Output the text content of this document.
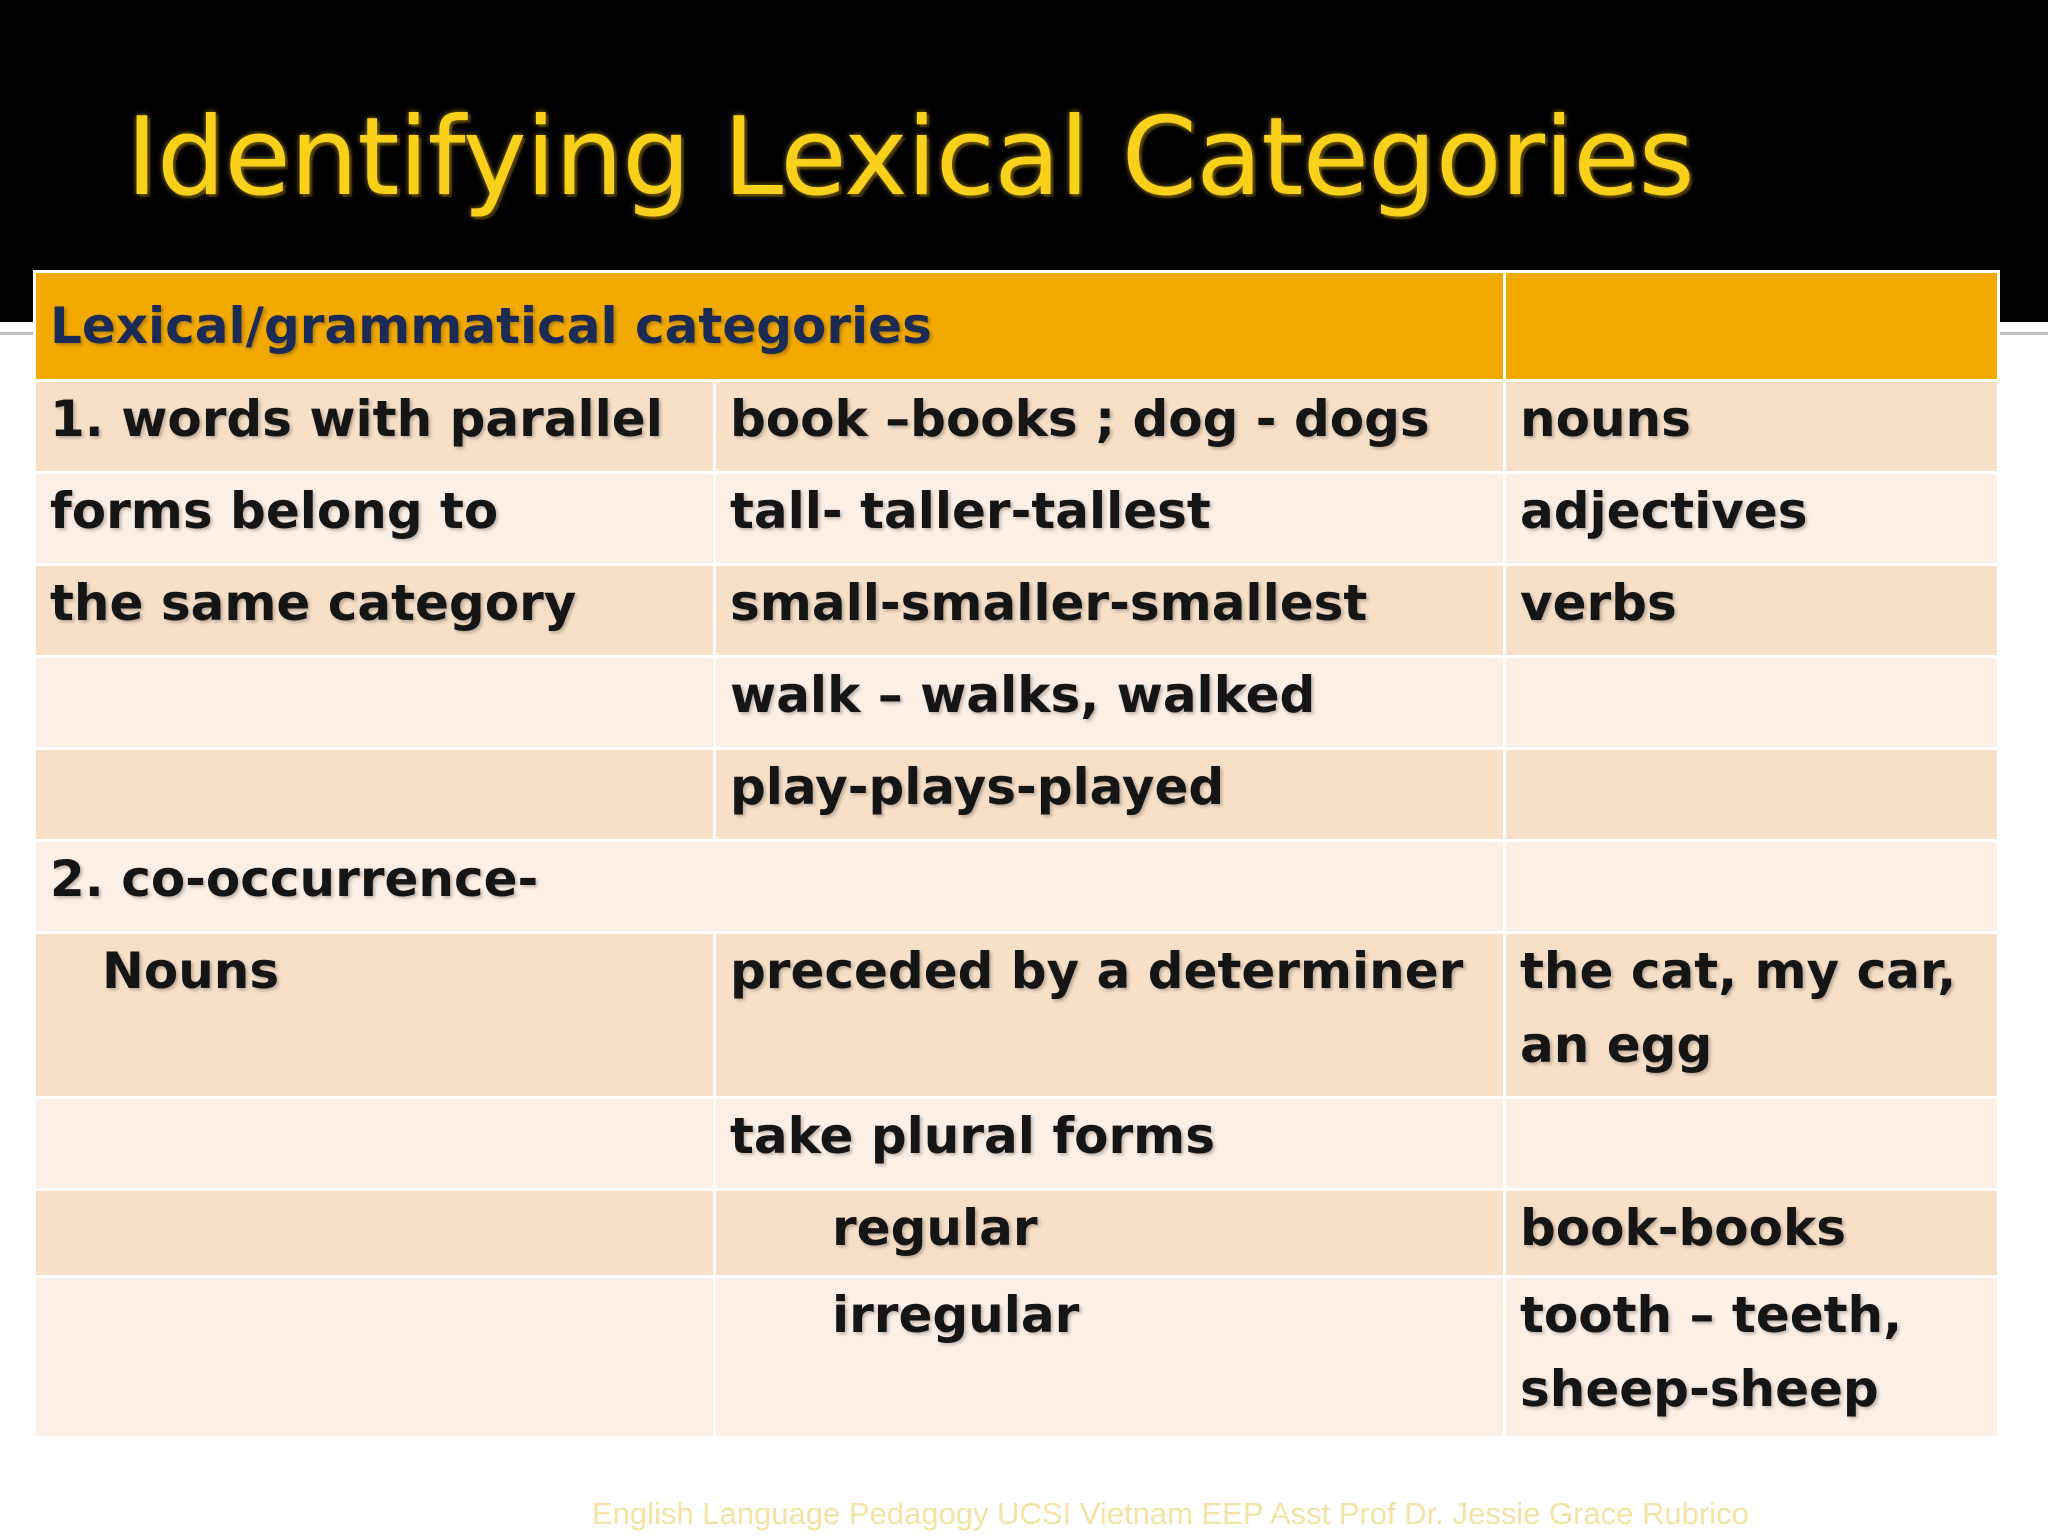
Identifying Lexical Categories
Lexical/grammatical categories		
1. words with parallel	book –books ; dog - dogs	nouns
forms belong to	tall- taller-tallest	adjectives
the same category	small-smaller-smallest	verbs
	walk – walks, walked	
	play-plays-played	
2. co-occurrence-		
Nouns	preceded by a determiner	the cat, my car, an egg
	take plural forms	
	regular	book-books
	irregular	tooth – teeth, sheep-sheep
English Language Pedagogy UCSI Vietnam EEP Asst Prof Dr. Jessie Grace Rubrico
